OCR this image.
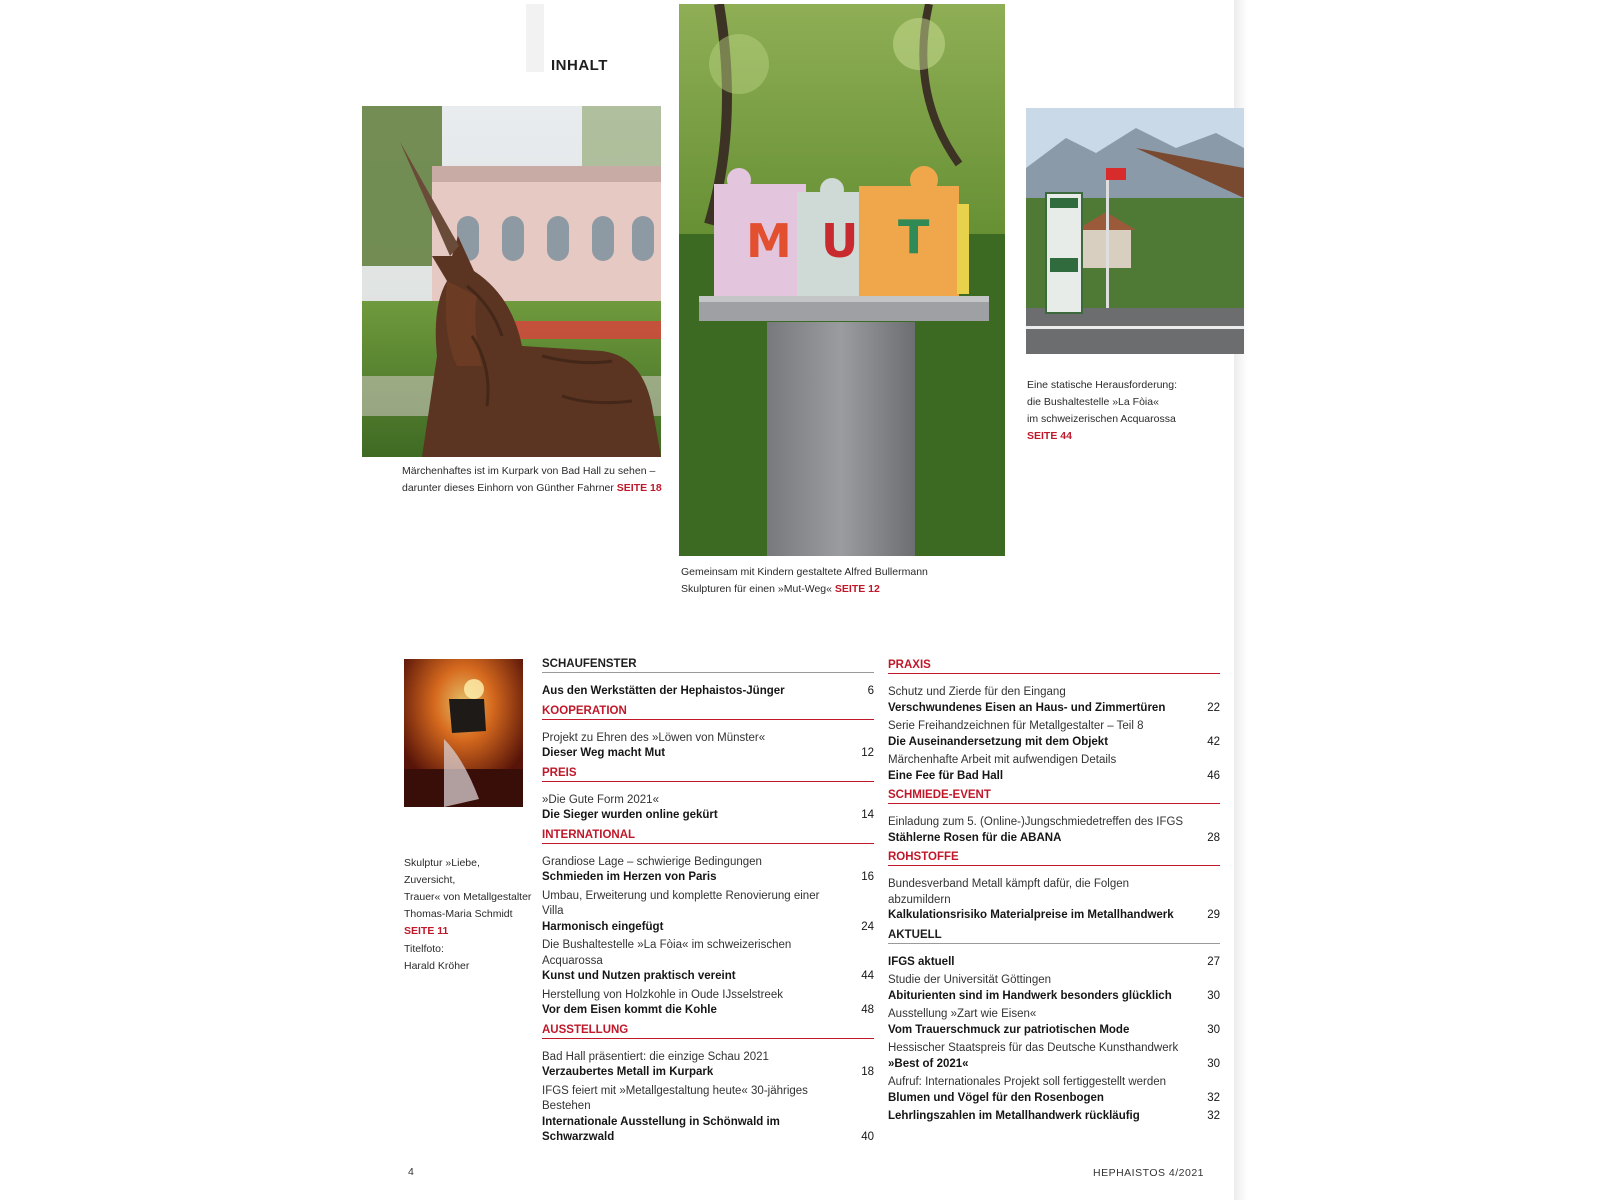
INHALT
Märchenhaftes ist im Kurpark von Bad Hall zu sehen – darunter dieses Einhorn von Günther Fahrner SEITE 18
M U T
Gemeinsam mit Kindern gestaltete Alfred Bullermann Skulpturen für einen »Mut-Weg« SEITE 12
Eine statische Herausforderung:
die Bushaltestelle »La Fòia«
im schweizerischen Acquarossa
SEITE 44
Skulptur »Liebe, Zuversicht,
Trauer« von Metallgestalter
Thomas-Maria Schmidt
SEITE 11
Titelfoto:
Harald Kröher
SCHAUFENSTER
Aus den Werkstätten der Hephaistos-Jünger	6
KOOPERATION
Projekt zu Ehren des »Löwen von Münster«
Dieser Weg macht Mut	12
PREIS
»Die Gute Form 2021«
Die Sieger wurden online gekürt	14
INTERNATIONAL
Grandiose Lage – schwierige Bedingungen
Schmieden im Herzen von Paris	16
Umbau, Erweiterung und komplette Renovierung einer Villa
Harmonisch eingefügt	24
Die Bushaltestelle »La Fòia« im schweizerischen Acquarossa
Kunst und Nutzen praktisch vereint	44
Herstellung von Holzkohle in Oude IJsselstreek
Vor dem Eisen kommt die Kohle	48
AUSSTELLUNG
Bad Hall präsentiert: die einzige Schau 2021
Verzaubertes Metall im Kurpark	18
IFGS feiert mit »Metallgestaltung heute« 30-jähriges Bestehen
Internationale Ausstellung in Schönwald im Schwarzwald	40
PRAXIS
Schutz und Zierde für den Eingang
Verschwundenes Eisen an Haus- und Zimmertüren	22
Serie Freihandzeichnen für Metallgestalter – Teil 8
Die Auseinandersetzung mit dem Objekt	42
Märchenhafte Arbeit mit aufwendigen Details
Eine Fee für Bad Hall	46
SCHMIEDE-EVENT
Einladung zum 5. (Online-)Jungschmiedetreffen des IFGS
Stählerne Rosen für die ABANA	28
ROHSTOFFE
Bundesverband Metall kämpft dafür, die Folgen abzumildern
Kalkulationsrisiko Materialpreise im Metallhandwerk	29
AKTUELL
IFGS aktuell	27
Studie der Universität Göttingen
Abiturienten sind im Handwerk besonders glücklich	30
Ausstellung »Zart wie Eisen«
Vom Trauerschmuck zur patriotischen Mode	30
Hessischer Staatspreis für das Deutsche Kunsthandwerk
»Best of 2021«	30
Aufruf: Internationales Projekt soll fertiggestellt werden
Blumen und Vögel für den Rosenbogen	32
Lehrlingszahlen im Metallhandwerk rückläufig	32
4	HEPHAISTOS 4/2021
